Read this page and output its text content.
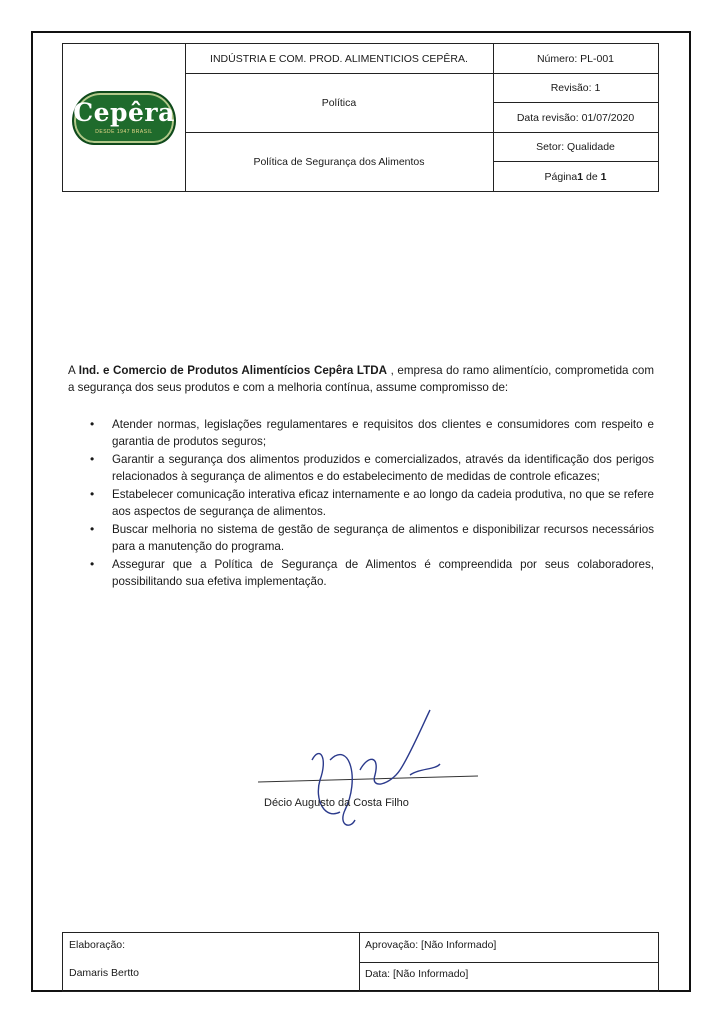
Cepêra
DESDE 1947 BRASIL
INDÚSTRIA E COM. PROD. ALIMENTICIOS CEPÊRA.
Política
Política de Segurança dos Alimentos
Número: PL-001
Revisão: 1
Data revisão: 01/07/2020
Setor: Qualidade
Página 1 de 1

A Ind. e Comercio de Produtos Alimentícios Cepêra LTDA , empresa do ramo alimentício, comprometida com a segurança dos seus produtos e com a melhoria contínua, assume compromisso de:

• Atender normas, legislações regulamentares e requisitos dos clientes e consumidores com respeito e garantia de produtos seguros;
• Garantir a segurança dos alimentos produzidos e comercializados, através da identificação dos perigos relacionados à segurança de alimentos e do estabelecimento de medidas de controle eficazes;
• Estabelecer comunicação interativa eficaz internamente e ao longo da cadeia produtiva, no que se refere aos aspectos de segurança de alimentos.
• Buscar melhoria no sistema de gestão de segurança de alimentos e disponibilizar recursos necessários para a manutenção do programa.
• Assegurar que a Política de Segurança de Alimentos é compreendida por seus colaboradores, possibilitando sua efetiva implementação.
Décio Augusto da Costa Filho
Elaboração:
Damaris Bertto
Aprovação: [Não Informado]
Data: [Não Informado]
